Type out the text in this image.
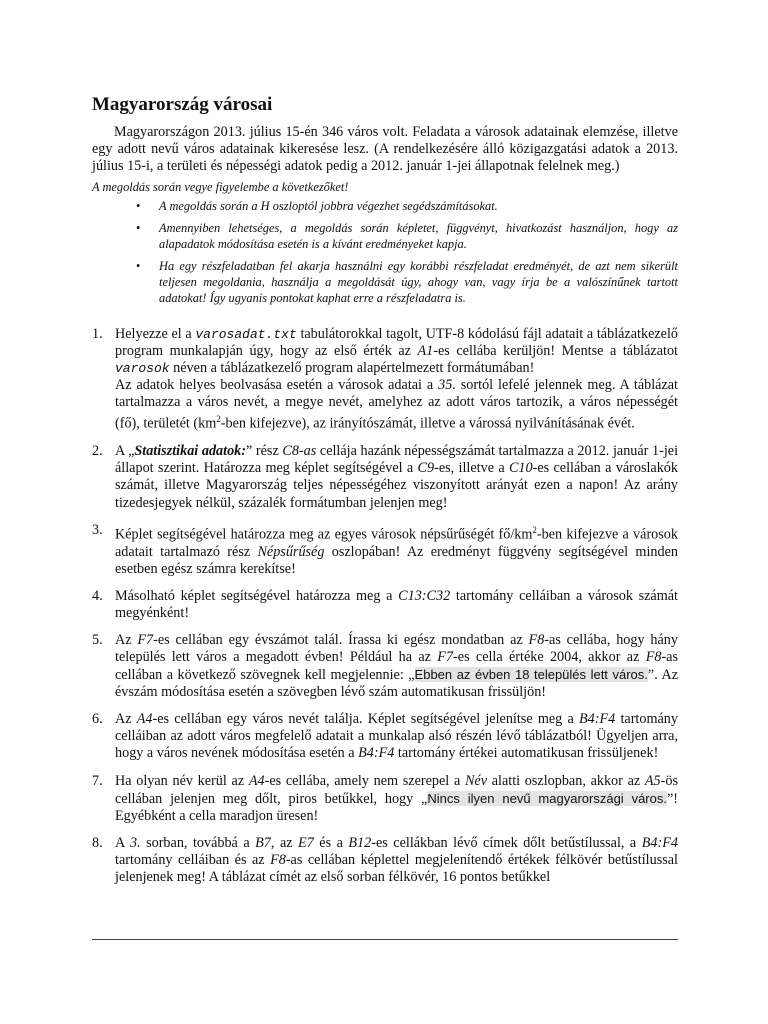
Magyarország városai

Magyarországon 2013. július 15-én 346 város volt. Feladata a városok adatainak elemzése, illetve egy adott nevű város adatainak kikeresése lesz. (A rendelkezésére álló közigazgatási adatok a 2013. július 15-i, a területi és népességi adatok pedig a 2012. január 1-jei állapotnak felelnek meg.)

A megoldás során vegye figyelembe a következőket!
• A megoldás során a H oszloptól jobbra végezhet segédszámításokat.
• Amennyiben lehetséges, a megoldás során képletet, függvényt, hivatkozást használjon, hogy az alapadatok módosítása esetén is a kívánt eredményeket kapja.
• Ha egy részfeladatban fel akarja használni egy korábbi részfeladat eredményét, de azt nem sikerült teljesen megoldania, használja a megoldását úgy, ahogy van, vagy írja be a valószínűnek tartott adatokat! Így ugyanis pontokat kaphat erre a részfeladatra is.
1. Helyezze el a varosadat.txt tabulátorokkal tagolt, UTF-8 kódolású fájl adatait a táblázatkezelő program munkalapján úgy, hogy az első érték az A1-es cellába kerüljön! Mentse a táblázatot varosok néven a táblázatkezelő program alapértelmezett formátumában!
Az adatok helyes beolvasása esetén a városok adatai a 35. sortól lefelé jelennek meg. A táblázat tartalmazza a város nevét, a megye nevét, amelyhez az adott város tartozik, a város népességét (fő), területét ($km^2$-ben kifejezve), az irányítószámát, illetve a várossá nyilvánításának évét.
2. A „Statisztikai adatok:” rész C8-as cellája hazánk népességszámát tartalmazza a 2012. január 1-jei állapot szerint. Határozza meg képlet segítségével a C9-es, illetve a C10-es cellában a városlakók számát, illetve Magyarország teljes népességéhez viszonyított arányát ezen a napon! Az arány tizedesjegyek nélkül, százalék formátumban jelenjen meg!
3. Képlet segítségével határozza meg az egyes városok népsűrűségét $fő/km^2$-ben kifejezve a városok adatait tartalmazó rész Népsűrűség oszlopában! Az eredményt függvény segítségével minden esetben egész számra kerekítse!
4. Másolható képlet segítségével határozza meg a C13:C32 tartomány celláiban a városok számát megyénként!
5. Az F7-es cellában egy évszámot talál. Írassa ki egész mondatban az F8-as cellába, hogy hány település lett város a megadott évben! Például ha az F7-es cella értéke 2004, akkor az F8-as cellában a következő szövegnek kell megjelennie: „Ebben az évben 18 település lett város.”. Az évszám módosítása esetén a szövegben lévő szám automatikusan frissüljön!
6. Az A4-es cellában egy város nevét találja. Képlet segítségével jelenítse meg a B4:F4 tartomány celláiban az adott város megfelelő adatait a munkalap alsó részén lévő táblázatból! Ügyeljen arra, hogy a város nevének módosítása esetén a B4:F4 tartomány értékei automatikusan frissüljenek!
7. Ha olyan név kerül az A4-es cellába, amely nem szerepel a Név alatti oszlopban, akkor az A5-ös cellában jelenjen meg dőlt, piros betűkkel, hogy „Nincs ilyen nevű magyarországi város.”! Egyébként a cella maradjon üresen!
8. A 3. sorban, továbbá a B7, az E7 és a B12-es cellákban lévő címek dőlt betűstílussal, a B4:F4 tartomány celláiban és az F8-as cellában képlettel megjelenítendő értékek félkövér betűstílussal jelenjenek meg! A táblázat címét az első sorban félkövér, 16 pontos betűkkel
